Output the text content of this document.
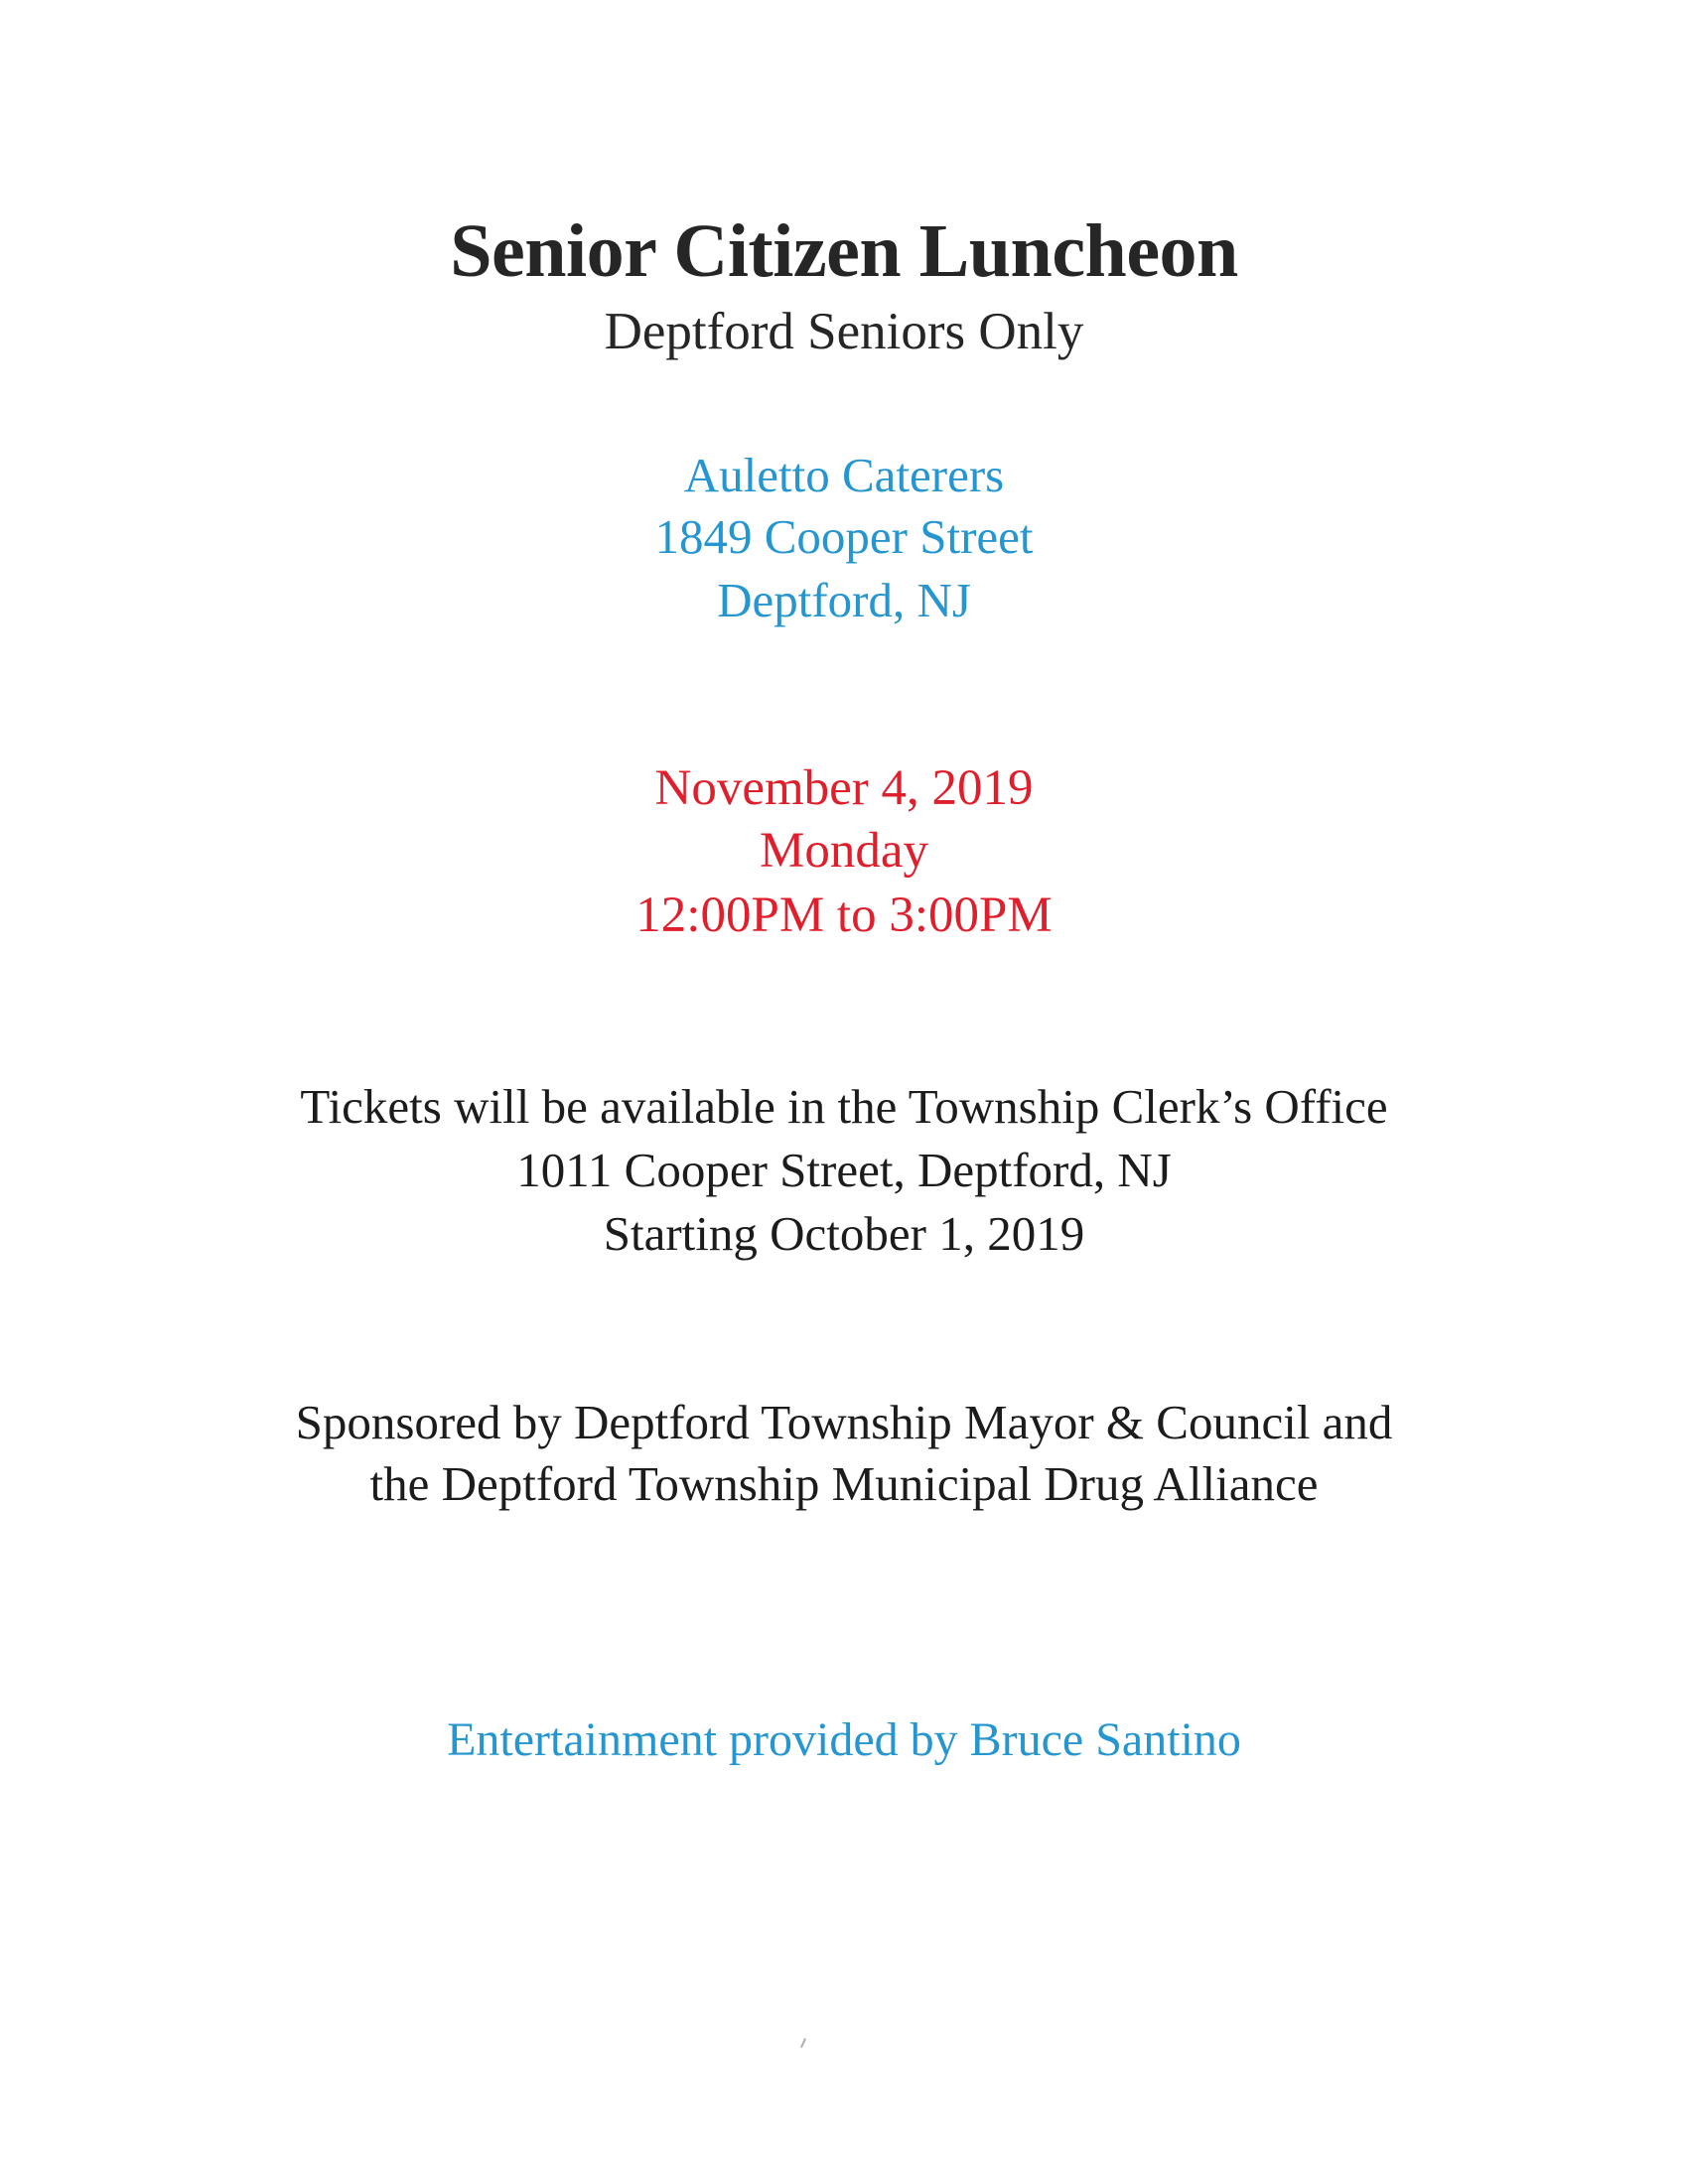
Senior Citizen Luncheon

Deptford Seniors Only

Auletto Caterers

1849 Cooper Street

Deptford, NJ

November 4, 2019

Monday

12:00PM to 3:00PM

Tickets will be available in the Township Clerk’s Office

1011 Cooper Street, Deptford, NJ

Starting October 1, 2019

Sponsored by Deptford Township Mayor & Council and

the Deptford Township Municipal Drug Alliance

Entertainment provided by Bruce Santino
